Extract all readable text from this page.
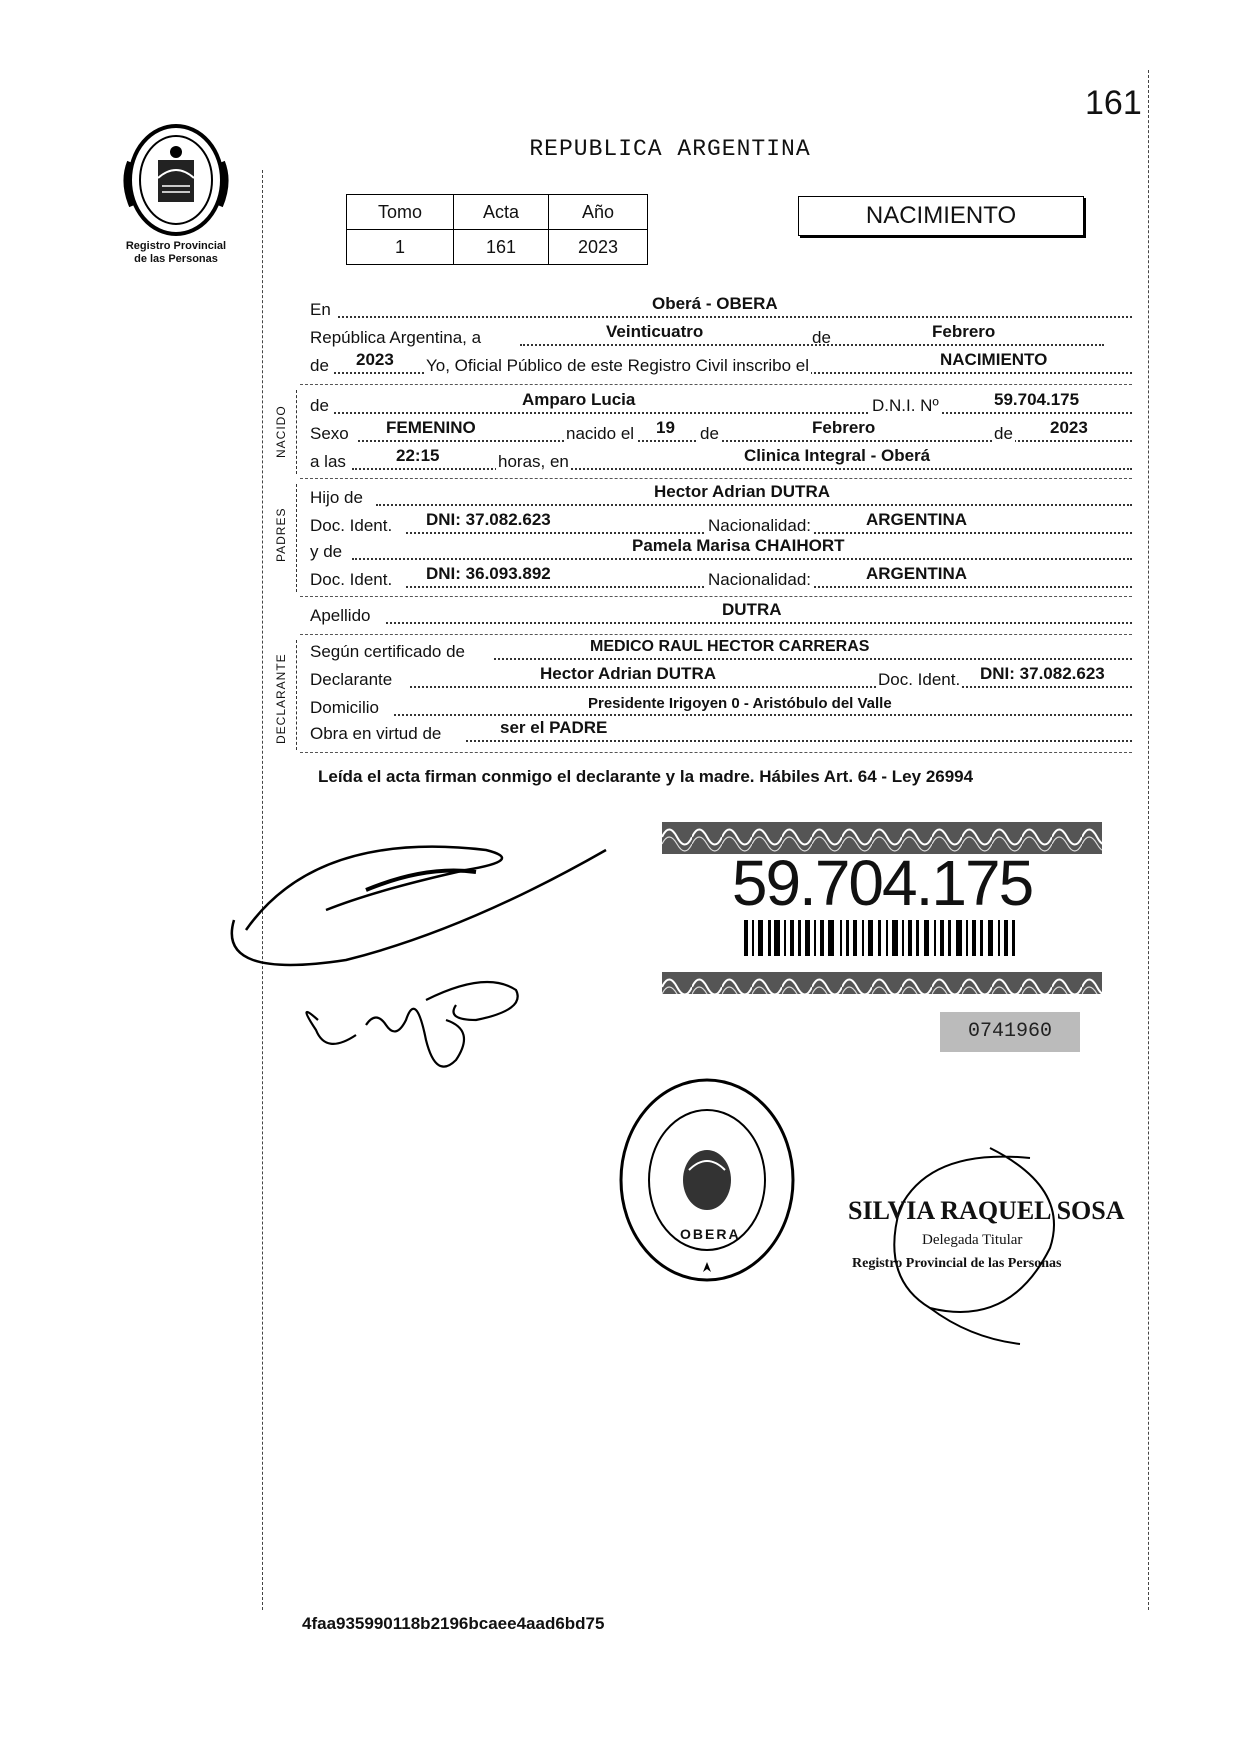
161
Registro Provincial
de las Personas
REPUBLICA ARGENTINA
Tomo	Acta	Año
1	161	2023
NACIMIENTO
En	Oberá - OBERA
República Argentina, a	Veinticuatro	de	Febrero
de 2023 Yo, Oficial Público de este Registro Civil inscribo el	NACIMIENTO
NACIDO de	Amparo Lucia	D.N.I. Nº	59.704.175
Sexo FEMENINO	nacido el 19 de	Febrero	de 2023
a las	22:15	horas, en	Clinica Integral - Oberá
PADRES
Hijo de	Hector Adrian DUTRA
Doc. Ident. DNI: 37.082.623	Nacionalidad:	ARGENTINA
y de	Pamela Marisa CHAIHORT
Doc. Ident. DNI: 36.093.892	Nacionalidad:	ARGENTINA
Apellido	DUTRA
DECLARANTE
Según certificado de	MEDICO RAUL HECTOR CARRERAS
Declarante	Hector Adrian DUTRA	Doc. Ident. DNI: 37.082.623
Domicilio	Presidente Irigoyen 0 - Aristóbulo del Valle
Obra en virtud de	ser el PADRE
Leída el acta firman conmigo el declarante y la madre. Hábiles Art. 64 - Ley 26994
59.704.175
0741960
OBERA
SILVIA RAQUEL SOSA
Delegada Titular
Registro Provincial de las Personas
4faa935990118b2196bcaee4aad6bd75
